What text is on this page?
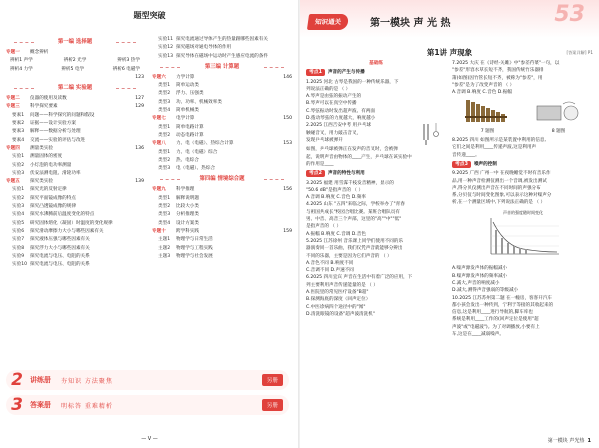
题型突破
第一编 选择题
专题一	概念辨析
辨析1 声学	辨析2 光学	辨析3 热学
辨析4 力学	辨析5 电学	辨析6 电磁学
123
第二编 实验题
专题二	仪器的使用及读数	127
专题三	科学探究要素	129
要素1	问题——科学探究的问题和假设
要素2	证据——设计实验方案
要素3	解释——数据分析与处理
要素4	交流——实验的评估与改进
专题四	测量类实验	136
实验1	测量固体的密度
实验2	小灯泡的电功率测量
实验3	伏安法测电阻、滑轮功率
专题五	探究类实验	139
实验1	探究光的反射定律
实验2	探究平面镜成像的特点
实验3	探究凸透镜成像的规律
实验4	探究水沸腾前后温度变化的特点
实验5	研究固体熔化（凝固）时温度的变化规律
实验6	探究滑动摩擦力大小与哪些因素有关
实验7	探究液体压强与哪些因素有关
实验8	探究浮力大小与哪些因素有关
实验9	探究电流与电压、电阻的关系
实验10 探究电流与电压、电阻的关系
实验11 探究电流通过导体产生的热量跟哪些因素有关
实验12 探究磁场对通电导体的作用
实验13 探究导体在磁场中运动时产生感应电流的条件
第三编 计算题
专题六	力学计算	146
类型1	简单运动类
类型2	浮力、压强类
类型3	功、功率、机械效率类
类型4	简单机械类
专题七	电学计算	150
类型1	简单电路计算
类型2	动态电路计算
专题八	力、电（电磁）、热综合计算	153
类型1	力、电（电磁）综合
类型2	热、电综合
类型3	电（电磁）、热综合
第四编 情境综合题
专题九	科学推理	156
类型1	解释说明题
类型2	比较大小类
类型3	分析推理类
类型4	设计方案类
专题十	跨学科实践	159
主题1	物理学与日常生活
主题2	物理学与工程实践
主题3	物理学与社会发展
2	讲练册 夯知识 方法聚焦	另册
3	答案册 明标答 重难精析	另册
— Ⅴ —
知识通关	第一模块 声 光 热	53
第1讲 声现象	[答案详解] P1
基础练
考点1 声音的产生与传播
1.2025 河北 古琴是我国的一种传统乐器，下
列说法正确的是 （ ）
A.琴声是由弦的振动产生的
B.琴声可以在真空中传播
C.琴弦振动时发出超声波、有两面
D.拨动琴弦的力度越大，响度越小
2.2025 江西吉安中考 用乒乓球
触碰音叉，用力敲击音叉，
发现乒乓球被弹开
如图，乒乓球被弹正在发声的音叉时，会被弹
起，说明声音由物体的____产生，乒乓球在该实验中
的作用是____
考点2 声音的特性与利用
3.2025 福建 用雪霁千枝发音精神，显示的
"50.6 dB"是指声音的 （ ）
A.音调 B.响度 C.音色 D.频率
4.2025 山东 "五四"来临之际，学校举办了"青春
与祖国共成长"校园合唱比赛。某班合唱队员有
男、中音、高音三个声部，这里的"高""中""低"
是指声音的 （ ）
A.振幅 B.响度 C.音调 D.音色
5.2025 江苏徐州 音乐课上同学们使用不同的乐
器演奏同一首乐曲，我们仅凭声音就能够分辨出
不同的乐器，主要是因为它们声音的 （ ）
A.音色不同 B.响度不同
C.音调不同 D.声速不同
6.2025 四川宜宾 声音在生活中有着广泛的应用，下
列主要利用声音传递能量的是 （ ）
A.医院里的常见医疗设备"B超"
B.探测海底的深度（回声定位）
C.中医诊病四个途径中的"闻"
D.清洗眼镜的设备"超声波清洗机"
7.2025 大庆 在《诗经·关雎》中"参差荇菜"一句，以
"参差"形容水草长短不齐，我国传统竹乐器排
箫(如图)因竹管长短不齐，被称为"参差"，用
"参差"是为了改变声音的 （ ）
A.音调 B.响度 C.音色 D.振幅
7 题图	8 题图
8.2025 四川 如图所示是某装置中利用的信息,
它们之间是利用____传递声波,这是利用声
音传递____。
考点3 噪声的控制
9.2025 广西 广州一中 在夜晚睡觉不时有音乐作
品,用一种声音检测仪测出一个音调,被发出测试
声,得分贝仪测出声音在不同时间的声强分布
系,分贝仪与时间变化图象,可以表示这种对噪声分
析,在一个测量区域中,下列说法正确的是 （ ）
声音的强度随时间变化
A.噪声源发声体的振幅减小
B.噪声源发声体的频率减小
C.减大,声音的响度减小
D.减大,测得声音强弱的等级减小
10.2025 江苏苏州第二题 在一幢房，客客开汽车
都小孩会发出一种传到，宁利于等接的其收起来的
信息,这是利用____进行导航的,脚车库也
系统是利用____工作的(回声定位是使用"超
声波"或"电磁波")。为了对调播放,小要有上
车,这是在____减弱噪声。
第一模块 声光热 1
